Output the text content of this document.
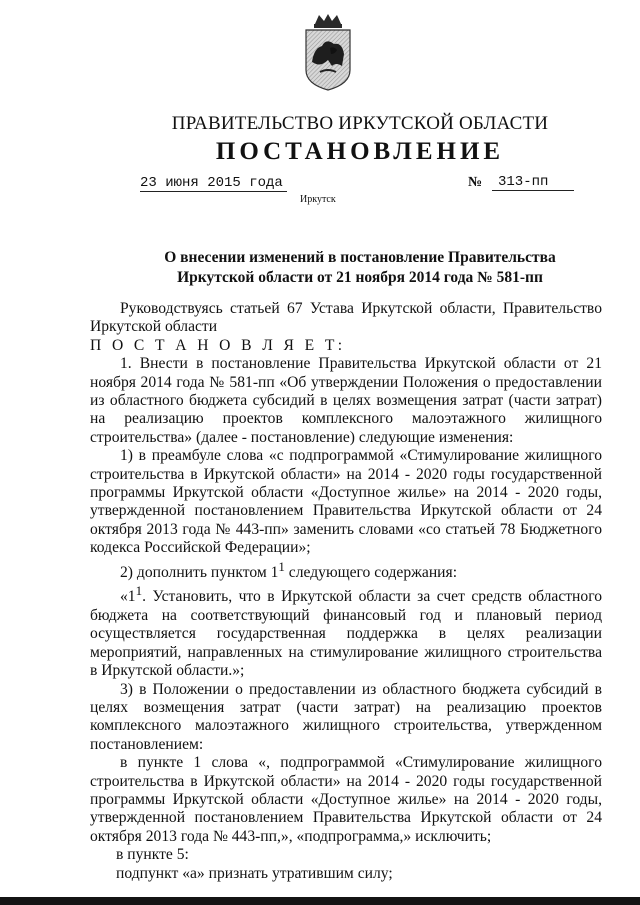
ПРАВИТЕЛЬСТВО ИРКУТСКОЙ ОБЛАСТИ
ПОСТАНОВЛЕНИЕ
23 июня 2015 года	№	313-пп
Иркутск
О внесении изменений в постановление Правительства
Иркутской области от 21 ноября 2014 года № 581-пп

Руководствуясь статьей 67 Устава Иркутской области, Правительство Иркутской области

П О С Т А Н О В Л Я Е Т:

1. Внести в постановление Правительства Иркутской области от 21 ноября 2014 года № 581-пп «Об утверждении Положения о предоставлении из областного бюджета субсидий в целях возмещения затрат (части затрат) на реализацию проектов комплексного малоэтажного жилищного строительства» (далее - постановление) следующие изменения:

1) в преамбуле слова «с подпрограммой «Стимулирование жилищного строительства в Иркутской области» на 2014 - 2020 годы государственной программы Иркутской области «Доступное жилье» на 2014 - 2020 годы, утвержденной постановлением Правительства Иркутской области от 24 октября 2013 года № 443-пп» заменить словами «со статьей 78 Бюджетного кодекса Российской Федерации»;

2) дополнить пунктом $1^1$ следующего содержания:

«$1^1$. Установить, что в Иркутской области за счет средств областного бюджета на соответствующий финансовый год и плановый период осуществляется государственная поддержка в целях реализации мероприятий, направленных на стимулирование жилищного строительства в Иркутской области.»;

3) в Положении о предоставлении из областного бюджета субсидий в целях возмещения затрат (части затрат) на реализацию проектов комплексного малоэтажного жилищного строительства, утвержденном постановлением:

в пункте 1 слова «, подпрограммой «Стимулирование жилищного строительства в Иркутской области» на 2014 - 2020 годы государственной программы Иркутской области «Доступное жилье» на 2014 - 2020 годы, утвержденной постановлением Правительства Иркутской области от 24 октября 2013 года № 443-пп,», «подпрограмма,» исключить;

в пункте 5:

подпункт «а» признать утратившим силу;
